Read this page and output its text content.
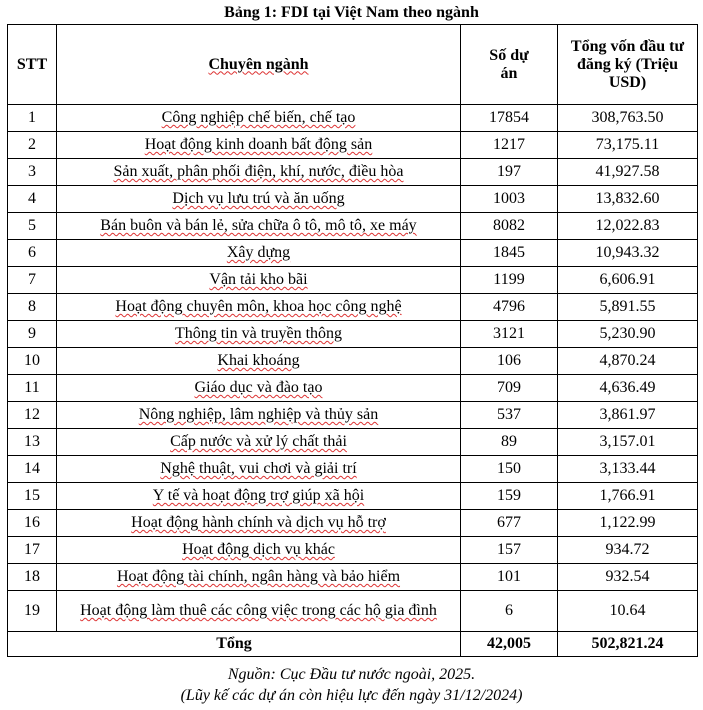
Bảng 1: FDI tại Việt Nam theo ngành
STT	Chuyên ngành	Số dự án	Tổng vốn đầu tư đăng ký (Triệu USD)
1	Công nghiệp chế biến, chế tạo	17854	308,763.50
2	Hoạt động kinh doanh bất động sản	1217	73,175.11
3	Sản xuất, phân phối điện, khí, nước, điều hòa	197	41,927.58
4	Dịch vụ lưu trú và ăn uống	1003	13,832.60
5	Bán buôn và bán lẻ, sửa chữa ô tô, mô tô, xe máy	8082	12,022.83
6	Xây dựng	1845	10,943.32
7	Vận tải kho bãi	1199	6,606.91
8	Hoạt động chuyên môn, khoa học công nghệ	4796	5,891.55
9	Thông tin và truyền thông	3121	5,230.90
10	Khai khoáng	106	4,870.24
11	Giáo dục và đào tạo	709	4,636.49
12	Nông nghiệp, lâm nghiệp và thủy sản	537	3,861.97
13	Cấp nước và xử lý chất thải	89	3,157.01
14	Nghệ thuật, vui chơi và giải trí	150	3,133.44
15	Y tế và hoạt động trợ giúp xã hội	159	1,766.91
16	Hoạt động hành chính và dịch vụ hỗ trợ	677	1,122.99
17	Hoạt động dịch vụ khác	157	934.72
18	Hoạt động tài chính, ngân hàng và bảo hiểm	101	932.54
19	Hoạt động làm thuê các công việc trong các hộ gia đình	6	10.64
Tổng		42,005	502,821.24
Nguồn: Cục Đầu tư nước ngoài, 2025.
(Lũy kế các dự án còn hiệu lực đến ngày 31/12/2024)
